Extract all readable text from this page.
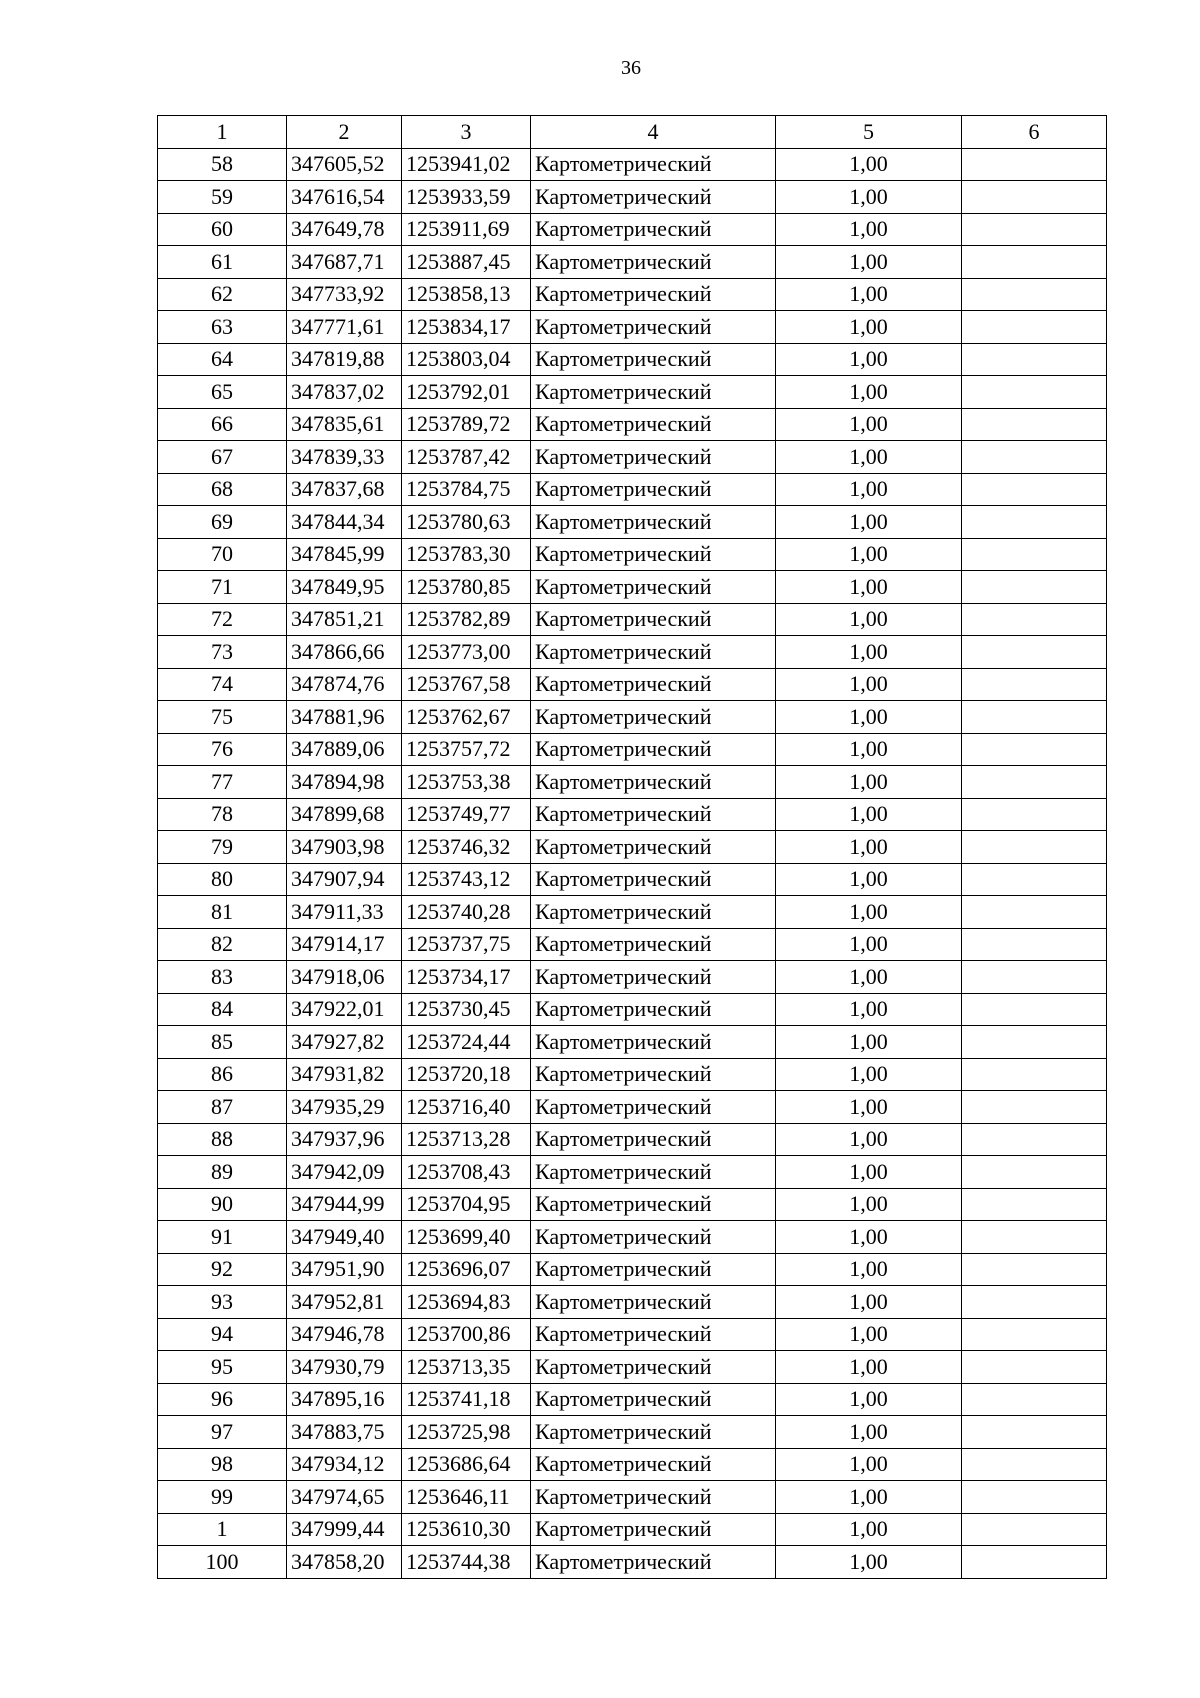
36
1	2	3	4	5	6
58	347605,52	1253941,02	Картометрический	1,00	
59	347616,54	1253933,59	Картометрический	1,00	
60	347649,78	1253911,69	Картометрический	1,00	
61	347687,71	1253887,45	Картометрический	1,00	
62	347733,92	1253858,13	Картометрический	1,00	
63	347771,61	1253834,17	Картометрический	1,00	
64	347819,88	1253803,04	Картометрический	1,00	
65	347837,02	1253792,01	Картометрический	1,00	
66	347835,61	1253789,72	Картометрический	1,00	
67	347839,33	1253787,42	Картометрический	1,00	
68	347837,68	1253784,75	Картометрический	1,00	
69	347844,34	1253780,63	Картометрический	1,00	
70	347845,99	1253783,30	Картометрический	1,00	
71	347849,95	1253780,85	Картометрический	1,00	
72	347851,21	1253782,89	Картометрический	1,00	
73	347866,66	1253773,00	Картометрический	1,00	
74	347874,76	1253767,58	Картометрический	1,00	
75	347881,96	1253762,67	Картометрический	1,00	
76	347889,06	1253757,72	Картометрический	1,00	
77	347894,98	1253753,38	Картометрический	1,00	
78	347899,68	1253749,77	Картометрический	1,00	
79	347903,98	1253746,32	Картометрический	1,00	
80	347907,94	1253743,12	Картометрический	1,00	
81	347911,33	1253740,28	Картометрический	1,00	
82	347914,17	1253737,75	Картометрический	1,00	
83	347918,06	1253734,17	Картометрический	1,00	
84	347922,01	1253730,45	Картометрический	1,00	
85	347927,82	1253724,44	Картометрический	1,00	
86	347931,82	1253720,18	Картометрический	1,00	
87	347935,29	1253716,40	Картометрический	1,00	
88	347937,96	1253713,28	Картометрический	1,00	
89	347942,09	1253708,43	Картометрический	1,00	
90	347944,99	1253704,95	Картометрический	1,00	
91	347949,40	1253699,40	Картометрический	1,00	
92	347951,90	1253696,07	Картометрический	1,00	
93	347952,81	1253694,83	Картометрический	1,00	
94	347946,78	1253700,86	Картометрический	1,00	
95	347930,79	1253713,35	Картометрический	1,00	
96	347895,16	1253741,18	Картометрический	1,00	
97	347883,75	1253725,98	Картометрический	1,00	
98	347934,12	1253686,64	Картометрический	1,00	
99	347974,65	1253646,11	Картометрический	1,00	
1	347999,44	1253610,30	Картометрический	1,00	
100	347858,20	1253744,38	Картометрический	1,00	
